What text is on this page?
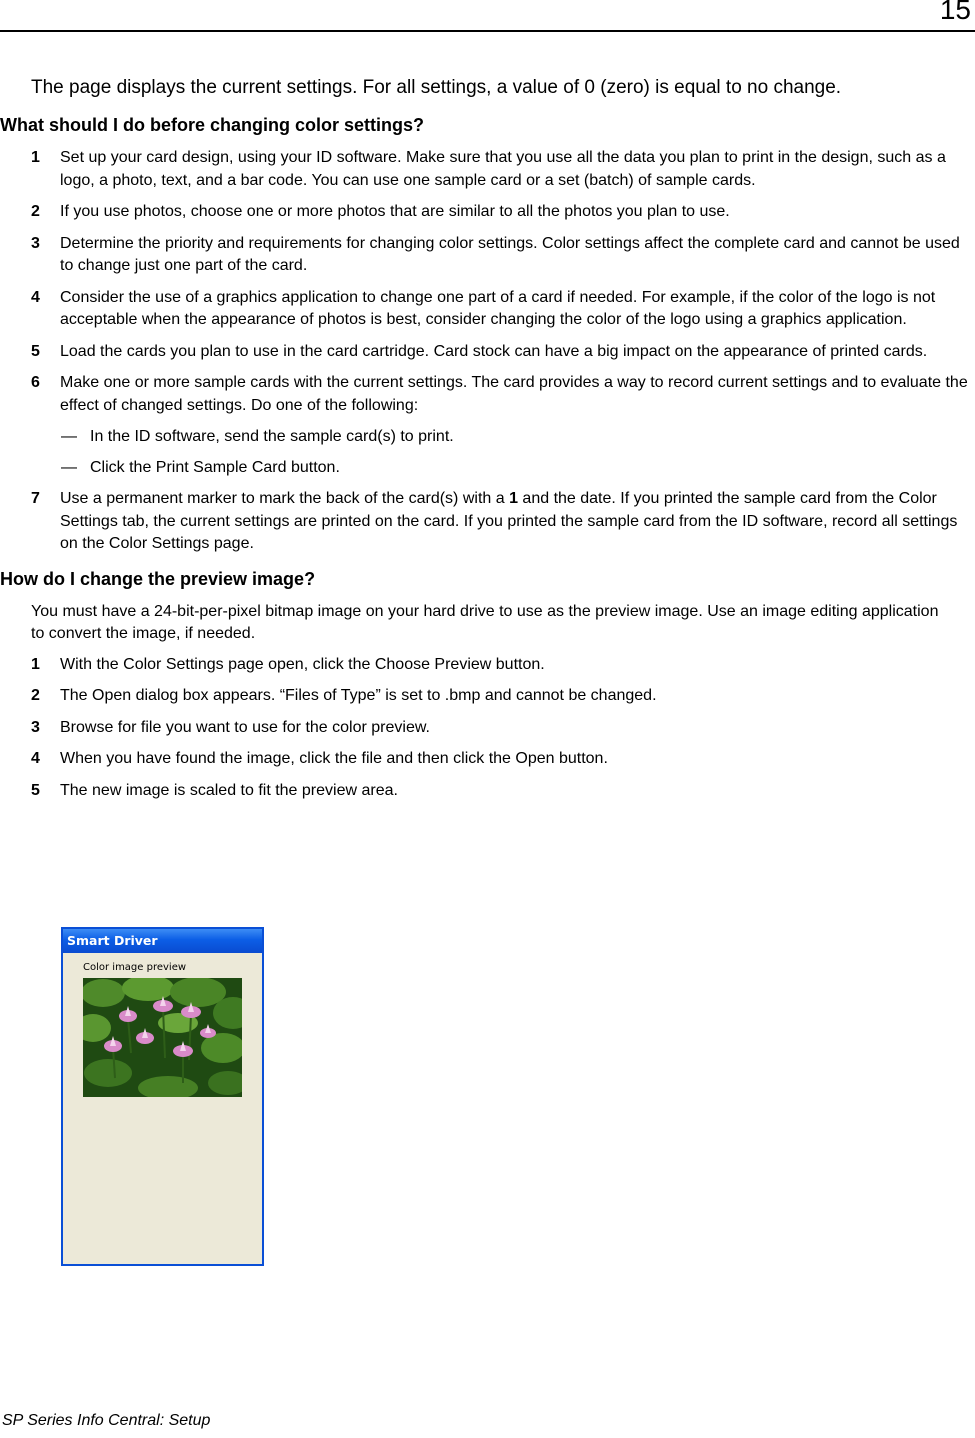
15

The page displays the current settings. For all settings, a value of 0 (zero) is equal to no change.

What should I do before changing color settings?
1 Set up your card design, using your ID software. Make sure that you use all the data you plan to print in the design, such as a logo, a photo, text, and a bar code. You can use one sample card or a set (batch) of sample cards.
2 If you use photos, choose one or more photos that are similar to all the photos you plan to use.
3 Determine the priority and requirements for changing color settings. Color settings affect the complete card and cannot be used to change just one part of the card.
4 Consider the use of a graphics application to change one part of a card if needed. For example, if the color of the logo is not acceptable when the appearance of photos is best, consider changing the color of the logo using a graphics application.
5 Load the cards you plan to use in the card cartridge. Card stock can have a big impact on the appearance of printed cards.
6 Make one or more sample cards with the current settings. The card provides a way to record current settings and to evaluate the effect of changed settings. Do one of the following:
— In the ID software, send the sample card(s) to print.
— Click the Print Sample Card button.
7 Use a permanent marker to mark the back of the card(s) with a 1 and the date. If you printed the sample card from the Color Settings tab, the current settings are printed on the card. If you printed the sample card from the ID software, record all settings on the Color Settings page.
How do I change the preview image?

You must have a 24-bit-per-pixel bitmap image on your hard drive to use as the preview image. Use an image editing application to convert the image, if needed.

1 With the Color Settings page open, click the Choose Preview button.
2 The Open dialog box appears. “Files of Type” is set to .bmp and cannot be changed.
3 Browse for file you want to use for the color preview.
4 When you have found the image, click the file and then click the Open button.
5 The new image is scaled to fit the preview area.
Smart Driver
Color image preview
SP Series Info Central: Setup
